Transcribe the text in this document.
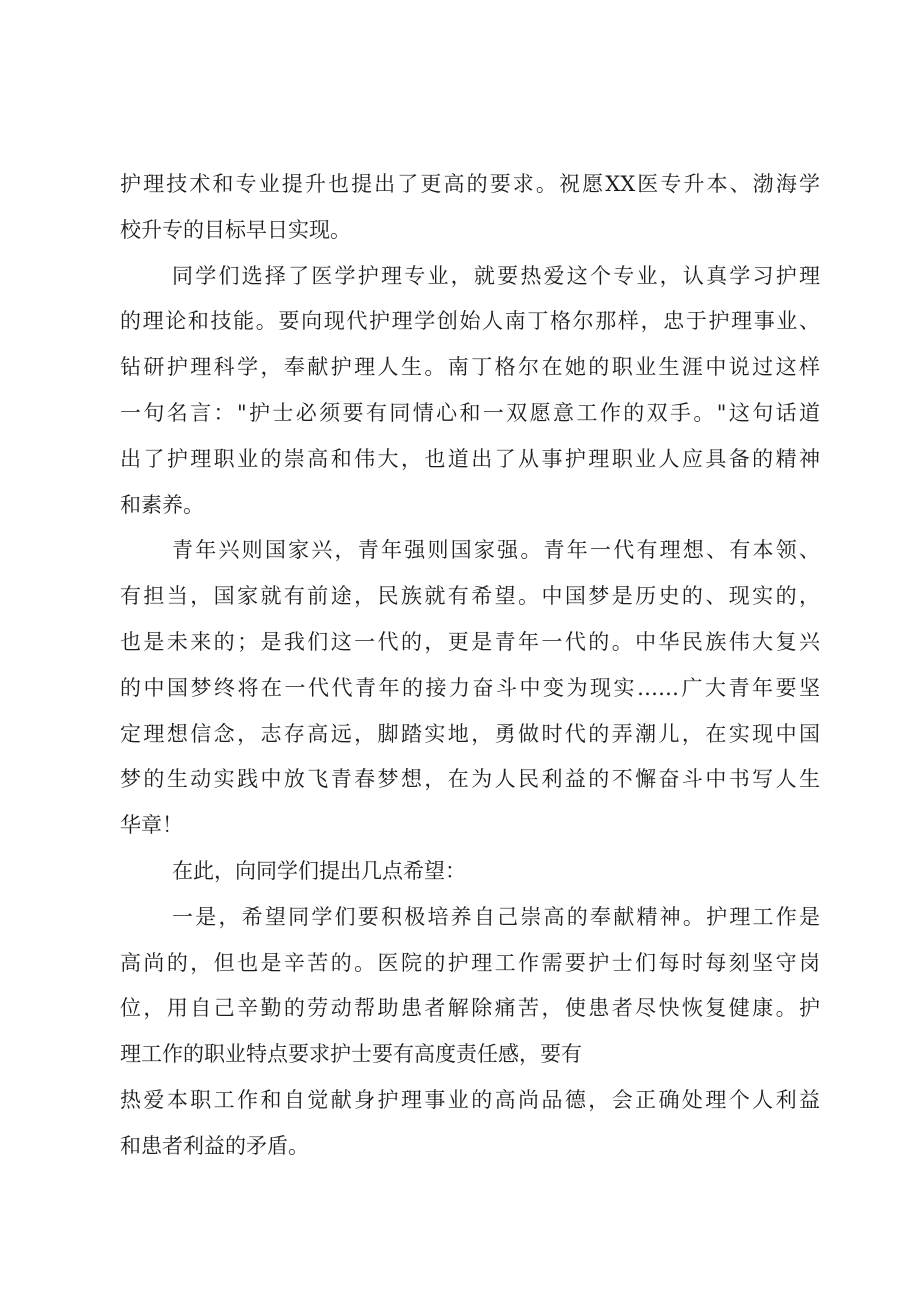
护理技术和专业提升也提出了更高的要求。祝愿XX医专升本、渤海学
校升专的目标早日实现。
同学们选择了医学护理专业，就要热爱这个专业，认真学习护理
的理论和技能。要向现代护理学创始人南丁格尔那样，忠于护理事业、
钻研护理科学，奉献护理人生。南丁格尔在她的职业生涯中说过这样
一句名言："护士必须要有同情心和一双愿意工作的双手。"这句话道
出了护理职业的崇高和伟大，也道出了从事护理职业人应具备的精神
和素养。
青年兴则国家兴，青年强则国家强。青年一代有理想、有本领、
有担当，国家就有前途，民族就有希望。中国梦是历史的、现实的，
也是未来的；是我们这一代的，更是青年一代的。中华民族伟大复兴
的中国梦终将在一代代青年的接力奋斗中变为现实……广大青年要坚
定理想信念，志存高远，脚踏实地，勇做时代的弄潮儿，在实现中国
梦的生动实践中放飞青春梦想，在为人民利益的不懈奋斗中书写人生
华章！
在此，向同学们提出几点希望：
一是，希望同学们要积极培养自己崇高的奉献精神。护理工作是
高尚的，但也是辛苦的。医院的护理工作需要护士们每时每刻坚守岗
位，用自己辛勤的劳动帮助患者解除痛苦，使患者尽快恢复健康。护
理工作的职业特点要求护士要有高度责任感，要有
热爱本职工作和自觉献身护理事业的高尚品德，会正确处理个人利益
和患者利益的矛盾。
